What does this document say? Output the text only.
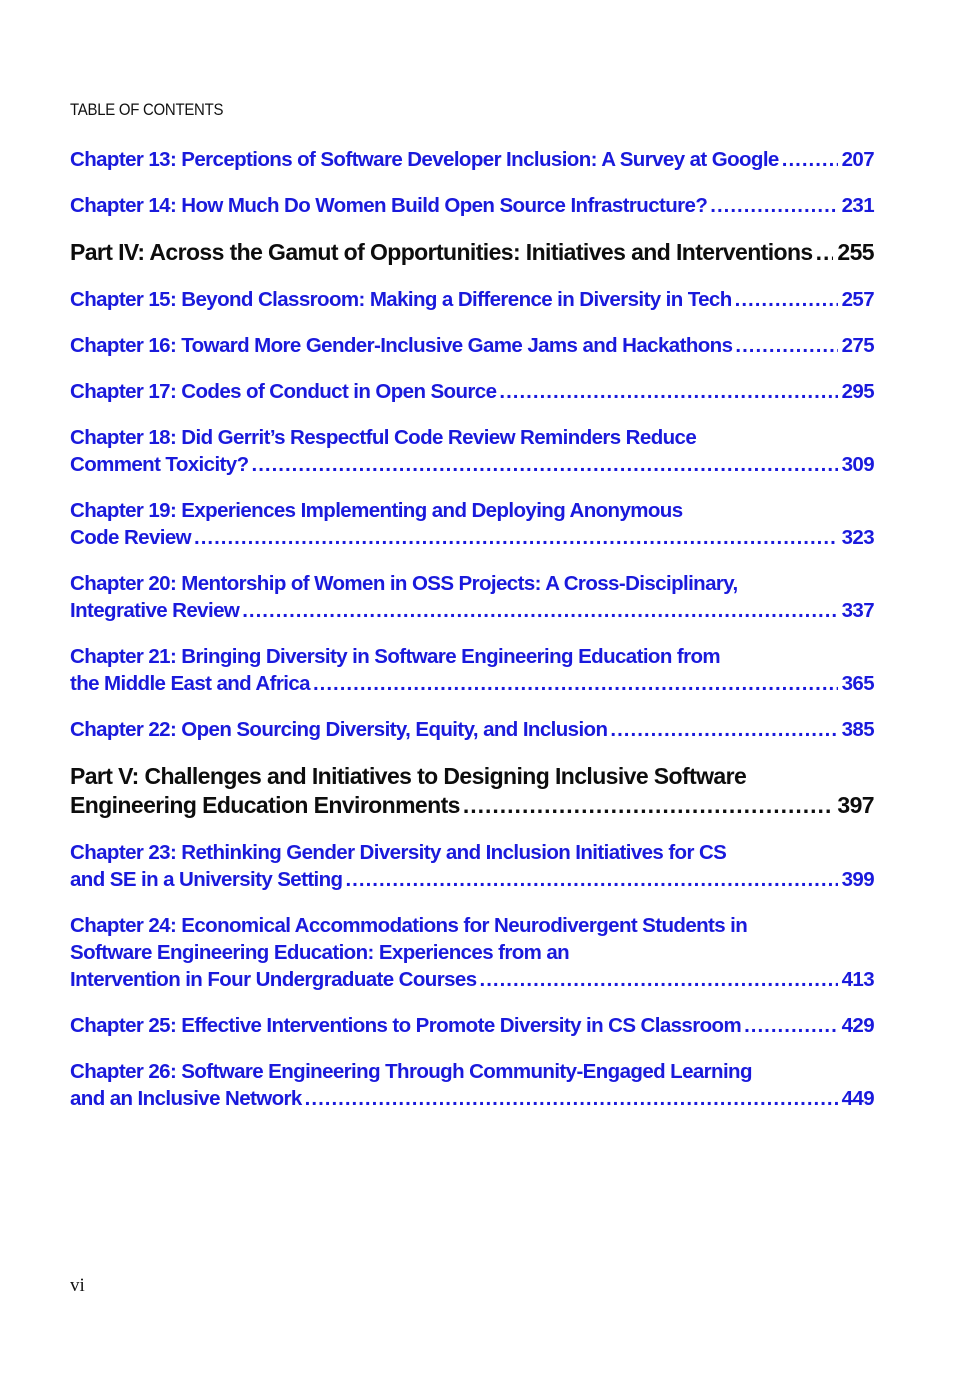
TABLE OF CONTENTS
Chapter 13: Perceptions of Software Developer Inclusion: A Survey at Google .....	207
Chapter 14: How Much Do Women Build Open Source Infrastructure? .....	231
Part IV: Across the Gamut of Opportunities: Initiatives and Interventions ..... 255
Chapter 15: Beyond Classroom: Making a Difference in Diversity in Tech .....	257
Chapter 16: Toward More Gender-Inclusive Game Jams and Hackathons .....	275
Chapter 17: Codes of Conduct in Open Source .....	295
Chapter 18: Did Gerrit’s Respectful Code Review Reminders Reduce
Comment Toxicity? .....	309
Chapter 19: Experiences Implementing and Deploying Anonymous
Code Review .....	323
Chapter 20: Mentorship of Women in OSS Projects: A Cross-Disciplinary,
Integrative Review .....	337
Chapter 21: Bringing Diversity in Software Engineering Education from
the Middle East and Africa .....	365
Chapter 22: Open Sourcing Diversity, Equity, and Inclusion .....	385
Part V: Challenges and Initiatives to Designing Inclusive Software
Engineering Education Environments .....	397
Chapter 23: Rethinking Gender Diversity and Inclusion Initiatives for CS
and SE in a University Setting .....	399
Chapter 24: Economical Accommodations for Neurodivergent Students in
Software Engineering Education: Experiences from an
Intervention in Four Undergraduate Courses .....	413
Chapter 25: Effective Interventions to Promote Diversity in CS Classroom .....	429
Chapter 26: Software Engineering Through Community-Engaged Learning
and an Inclusive Network .....	449
vi
